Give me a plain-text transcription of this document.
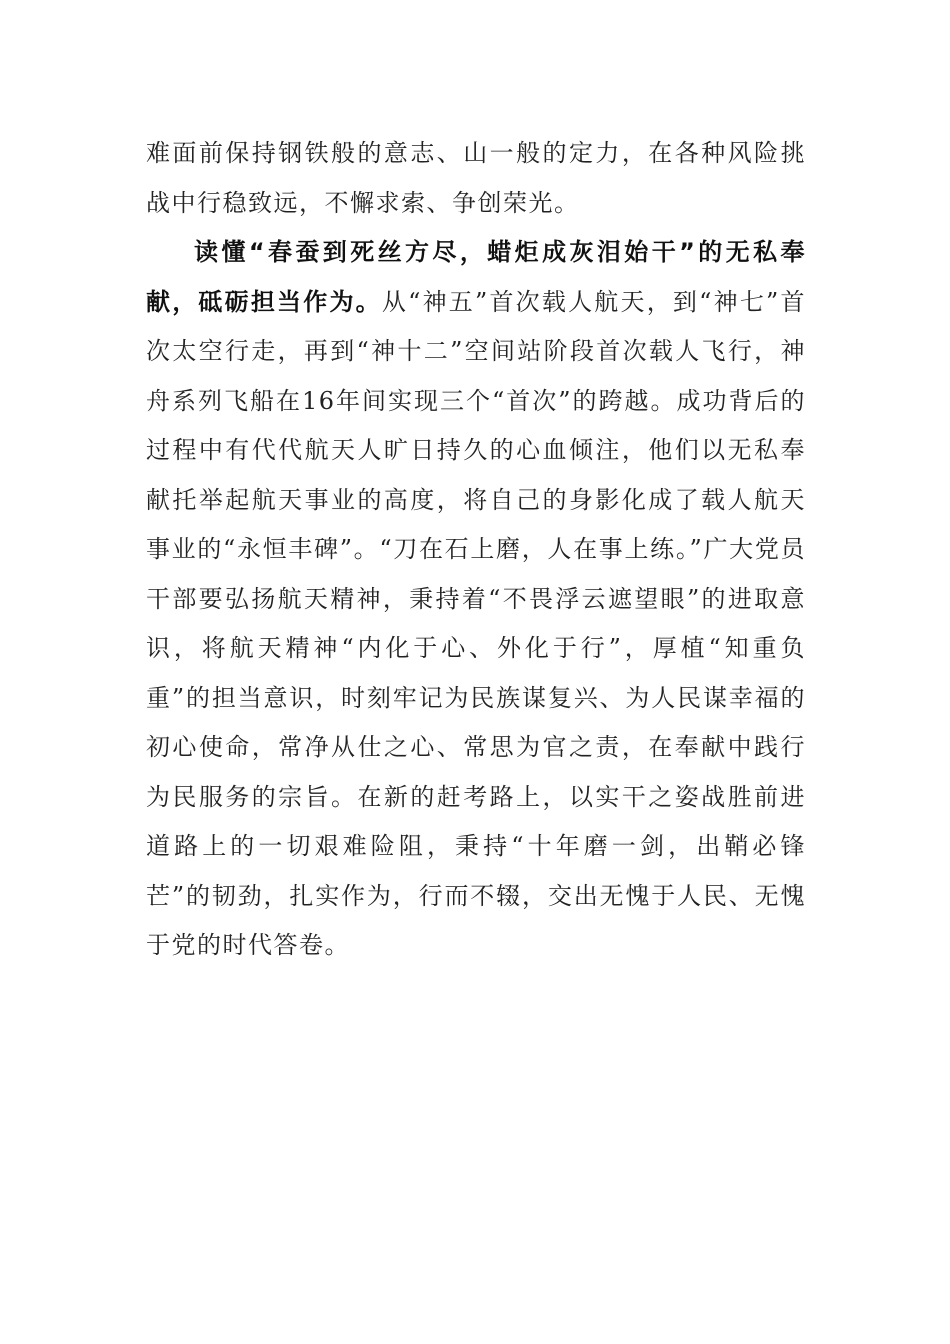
难面前保持钢铁般的意志、山一般的定力，在各种风险挑战中行稳致远，不懈求索、争创荣光。

读懂“春蚕到死丝方尽，蜡炬成灰泪始干”的无私奉献，砥砺担当作为。从“神五”首次载人航天，到“神七”首次太空行走，再到“神十二”空间站阶段首次载人飞行，神舟系列飞船在16年间实现三个“首次”的跨越。成功背后的过程中有代代航天人旷日持久的心血倾注，他们以无私奉献托举起航天事业的高度，将自己的身影化成了载人航天事业的“永恒丰碑”。“刀在石上磨，人在事上练。”广大党员干部要弘扬航天精神，秉持着“不畏浮云遮望眼”的进取意识，将航天精神“内化于心、外化于行”，厚植“知重负重”的担当意识，时刻牢记为民族谋复兴、为人民谋幸福的初心使命，常净从仕之心、常思为官之责，在奉献中践行为民服务的宗旨。在新的赶考路上，以实干之姿战胜前进道路上的一切艰难险阻，秉持“十年磨一剑，出鞘必锋芒”的韧劲，扎实作为，行而不辍，交出无愧于人民、无愧于党的时代答卷。
